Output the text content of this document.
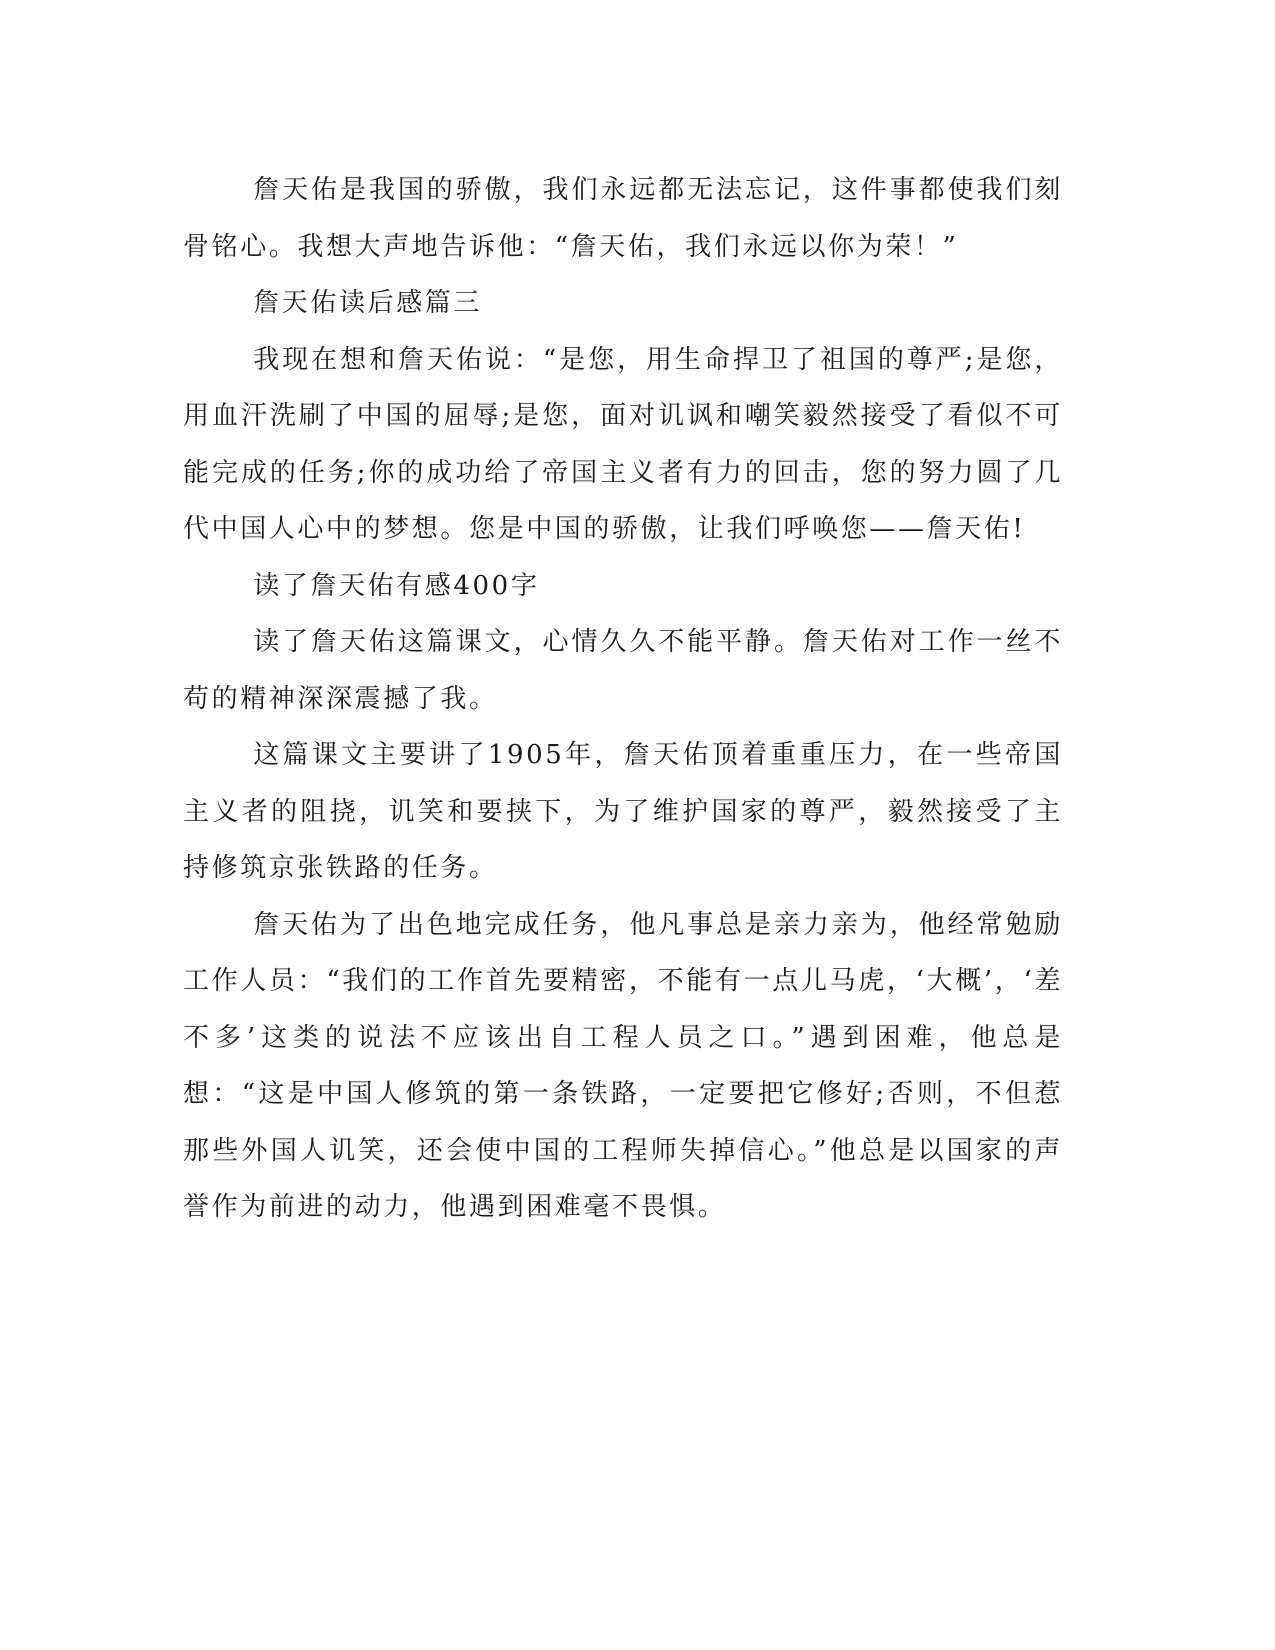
詹天佑是我国的骄傲，我们永远都无法忘记，这件事都使我们刻骨铭心。我想大声地告诉他：“詹天佑，我们永远以你为荣！”

詹天佑读后感篇三

我现在想和詹天佑说：“是您，用生命捍卫了祖国的尊严;是您，用血汗洗刷了中国的屈辱;是您，面对讥讽和嘲笑毅然接受了看似不可能完成的任务;你的成功给了帝国主义者有力的回击，您的努力圆了几代中国人心中的梦想。您是中国的骄傲，让我们呼唤您——詹天佑!

读了詹天佑有感400字

读了詹天佑这篇课文，心情久久不能平静。詹天佑对工作一丝不苟的精神深深震撼了我。

这篇课文主要讲了1905年，詹天佑顶着重重压力，在一些帝国主义者的阻挠，讥笑和要挟下，为了维护国家的尊严，毅然接受了主持修筑京张铁路的任务。

詹天佑为了出色地完成任务，他凡事总是亲力亲为，他经常勉励工作人员：“我们的工作首先要精密，不能有一点儿马虎，‘大概’，‘差不多’这类的说法不应该出自工程人员之口。”遇到困难，他总是想：“这是中国人修筑的第一条铁路，一定要把它修好;否则，不但惹那些外国人讥笑，还会使中国的工程师失掉信心。”他总是以国家的声誉作为前进的动力，他遇到困难毫不畏惧。
